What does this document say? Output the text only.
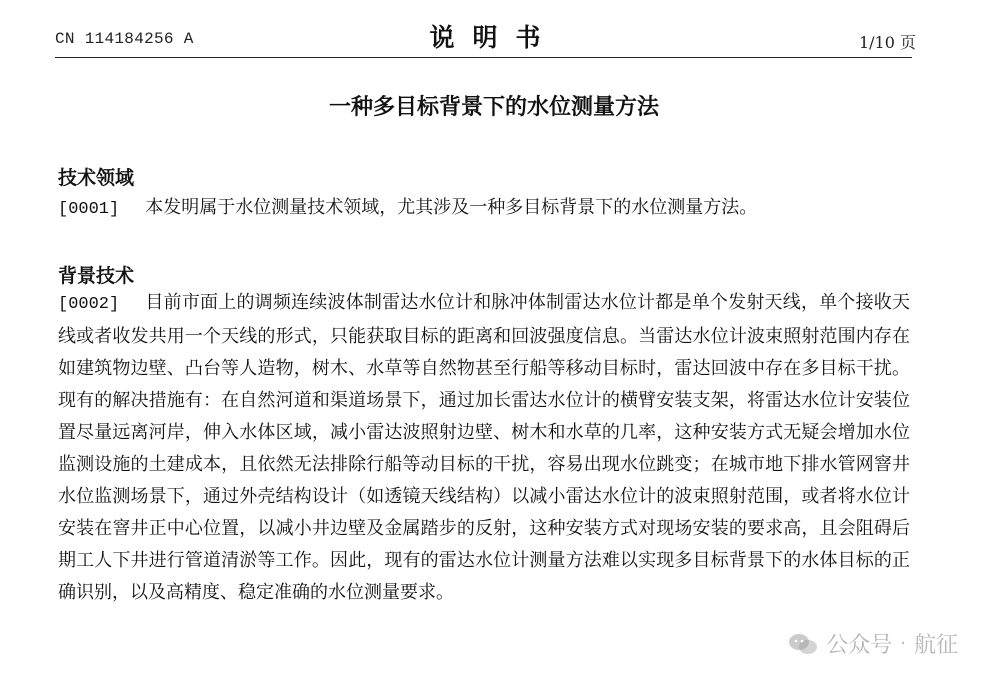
CN 114184256 A	说明书	1/10 页
一种多目标背景下的水位测量方法
技术领域

[0001] 本发明属于水位测量技术领域，尤其涉及一种多目标背景下的水位测量方法。

背景技术

[0002] 目前市面上的调频连续波体制雷达水位计和脉冲体制雷达水位计都是单个发射天线，单个接收天线或者收发共用一个天线的形式，只能获取目标的距离和回波强度信息。当雷达水位计波束照射范围内存在如建筑物边壁、凸台等人造物，树木、水草等自然物甚至行船等移动目标时，雷达回波中存在多目标干扰。现有的解决措施有：在自然河道和渠道场景下，通过加长雷达水位计的横臂安装支架，将雷达水位计安装位置尽量远离河岸，伸入水体区域，减小雷达波照射边壁、树木和水草的几率，这种安装方式无疑会增加水位监测设施的土建成本，且依然无法排除行船等动目标的干扰，容易出现水位跳变；在城市地下排水管网窨井水位监测场景下，通过外壳结构设计（如透镜天线结构）以减小雷达水位计的波束照射范围，或者将水位计安装在窨井正中心位置，以减小井边壁及金属踏步的反射，这种安装方式对现场安装的要求高，且会阻碍后期工人下井进行管道清淤等工作。因此，现有的雷达水位计测量方法难以实现多目标背景下的水体目标的正确识别，以及高精度、稳定准确的水位测量要求。

公众号 · 航征
